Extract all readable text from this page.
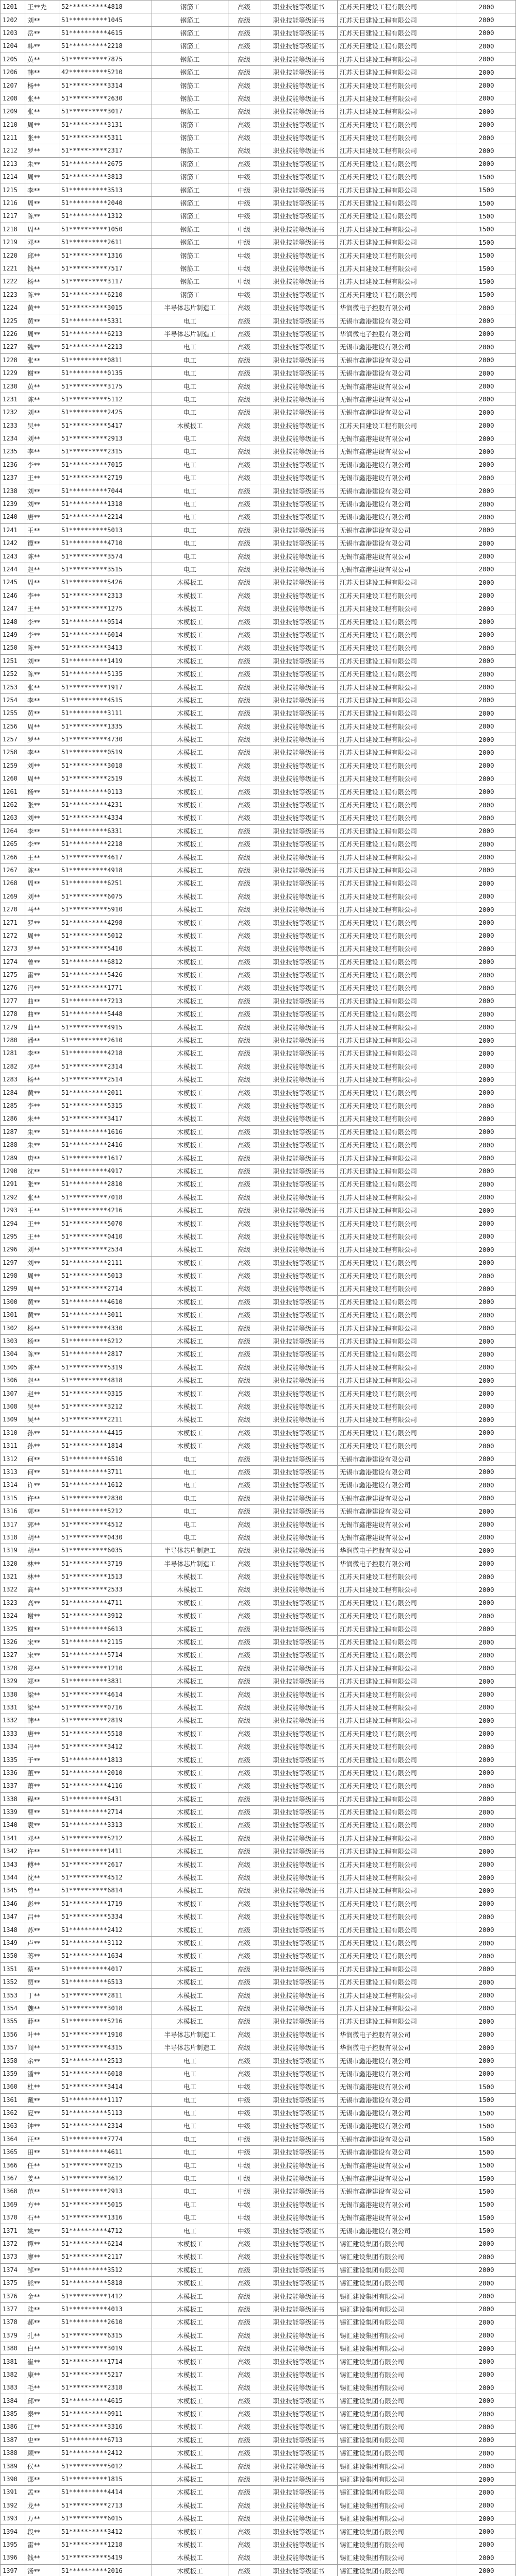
1201	王**先	52**********4818	钢筋工	高级	职业技能等级证书	江苏天目建设工程有限公司	2000
1202	刘**	51**********1045	钢筋工	高级	职业技能等级证书	江苏天目建设工程有限公司	2000
1203	岳**	51**********4615	钢筋工	高级	职业技能等级证书	江苏天目建设工程有限公司	2000
1204	韩**	51**********2218	钢筋工	高级	职业技能等级证书	江苏天目建设工程有限公司	2000
1205	黄**	51**********7875	钢筋工	高级	职业技能等级证书	江苏天目建设工程有限公司	2000
1206	韩**	42**********5210	钢筋工	高级	职业技能等级证书	江苏天目建设工程有限公司	2000
1207	杨**	51**********3314	钢筋工	高级	职业技能等级证书	江苏天目建设工程有限公司	2000
1208	张**	51**********2630	钢筋工	高级	职业技能等级证书	江苏天目建设工程有限公司	2000
1209	张**	51**********3017	钢筋工	高级	职业技能等级证书	江苏天目建设工程有限公司	2000
1210	周**	51**********3131	钢筋工	高级	职业技能等级证书	江苏天目建设工程有限公司	2000
1211	张**	51**********5311	钢筋工	高级	职业技能等级证书	江苏天目建设工程有限公司	2000
1212	罗**	51**********2317	钢筋工	高级	职业技能等级证书	江苏天目建设工程有限公司	2000
1213	朱**	51**********2675	钢筋工	高级	职业技能等级证书	江苏天目建设工程有限公司	2000
1214	周**	51**********3813	钢筋工	中级	职业技能等级证书	江苏天目建设工程有限公司	1500
1215	李**	51**********3513	钢筋工	中级	职业技能等级证书	江苏天目建设工程有限公司	1500
1216	周**	51**********2040	钢筋工	中级	职业技能等级证书	江苏天目建设工程有限公司	1500
1217	陈**	51**********1312	钢筋工	中级	职业技能等级证书	江苏天目建设工程有限公司	1500
1218	周**	51**********1050	钢筋工	中级	职业技能等级证书	江苏天目建设工程有限公司	1500
1219	邓**	51**********2611	钢筋工	中级	职业技能等级证书	江苏天目建设工程有限公司	1500
1220	邱**	51**********1316	钢筋工	中级	职业技能等级证书	江苏天目建设工程有限公司	1500
1221	钱**	51**********7517	钢筋工	中级	职业技能等级证书	江苏天目建设工程有限公司	1500
1222	杨**	51**********3117	钢筋工	中级	职业技能等级证书	江苏天目建设工程有限公司	1500
1223	陈**	51**********6210	钢筋工	中级	职业技能等级证书	江苏天目建设工程有限公司	1500
1224	黄**	51**********3015	半导体芯片制造工	高级	职业技能等级证书	华润微电子控股有限公司	2000
1225	黄**	51**********5331	电工	高级	职业技能等级证书	无锡市鑫港建设有限公司	2000
1226	周**	51**********6213	半导体芯片制造工	高级	职业技能等级证书	华润微电子控股有限公司	2000
1227	魏**	51**********2213	电工	高级	职业技能等级证书	无锡市鑫港建设有限公司	2000
1228	张**	51**********0811	电工	高级	职业技能等级证书	无锡市鑫港建设有限公司	2000
1229	谢**	51**********0135	电工	高级	职业技能等级证书	无锡市鑫港建设有限公司	2000
1230	黄**	51**********3175	电工	高级	职业技能等级证书	无锡市鑫港建设有限公司	2000
1231	陈**	51**********5112	电工	高级	职业技能等级证书	无锡市鑫港建设有限公司	2000
1232	刘**	51**********2425	电工	高级	职业技能等级证书	无锡市鑫港建设有限公司	2000
1233	吴**	51**********5417	木模板工	高级	职业技能等级证书	江苏天目建设工程有限公司	2000
1234	刘**	51**********2913	电工	高级	职业技能等级证书	无锡市鑫港建设有限公司	2000
1235	李**	51**********2315	电工	高级	职业技能等级证书	无锡市鑫港建设有限公司	2000
1236	李**	51**********7015	电工	高级	职业技能等级证书	无锡市鑫港建设有限公司	2000
1237	王**	51**********2719	电工	高级	职业技能等级证书	无锡市鑫港建设有限公司	2000
1238	刘**	51**********7044	电工	高级	职业技能等级证书	无锡市鑫港建设有限公司	2000
1239	刘**	51**********1318	电工	高级	职业技能等级证书	无锡市鑫港建设有限公司	2000
1240	唐**	51**********2214	电工	高级	职业技能等级证书	无锡市鑫港建设有限公司	2000
1241	王**	51**********5013	电工	高级	职业技能等级证书	无锡市鑫港建设有限公司	2000
1242	谭**	51**********4710	电工	高级	职业技能等级证书	无锡市鑫港建设有限公司	2000
1243	陈**	51**********3574	电工	高级	职业技能等级证书	无锡市鑫港建设有限公司	2000
1244	赵**	51**********3515	电工	高级	职业技能等级证书	无锡市鑫港建设有限公司	2000
1245	周**	51**********5426	木模板工	高级	职业技能等级证书	江苏天目建设工程有限公司	2000
1246	李**	51**********2313	木模板工	高级	职业技能等级证书	江苏天目建设工程有限公司	2000
1247	王**	51**********1275	木模板工	高级	职业技能等级证书	江苏天目建设工程有限公司	2000
1248	李**	51**********0514	木模板工	高级	职业技能等级证书	江苏天目建设工程有限公司	2000
1249	李**	51**********6014	木模板工	高级	职业技能等级证书	江苏天目建设工程有限公司	2000
1250	陈**	51**********3413	木模板工	高级	职业技能等级证书	江苏天目建设工程有限公司	2000
1251	刘**	51**********1419	木模板工	高级	职业技能等级证书	江苏天目建设工程有限公司	2000
1252	陈**	51**********5135	木模板工	高级	职业技能等级证书	江苏天目建设工程有限公司	2000
1253	张**	51**********1917	木模板工	高级	职业技能等级证书	江苏天目建设工程有限公司	2000
1254	李**	51**********4515	木模板工	高级	职业技能等级证书	江苏天目建设工程有限公司	2000
1255	黄**	51**********3111	木模板工	高级	职业技能等级证书	江苏天目建设工程有限公司	2000
1256	周**	51**********1335	木模板工	高级	职业技能等级证书	江苏天目建设工程有限公司	2000
1257	罗**	51**********4730	木模板工	高级	职业技能等级证书	江苏天目建设工程有限公司	2000
1258	李**	51**********0519	木模板工	高级	职业技能等级证书	江苏天目建设工程有限公司	2000
1259	刘**	51**********3018	木模板工	高级	职业技能等级证书	江苏天目建设工程有限公司	2000
1260	周**	51**********2519	木模板工	高级	职业技能等级证书	江苏天目建设工程有限公司	2000
1261	杨**	51**********0113	木模板工	高级	职业技能等级证书	江苏天目建设工程有限公司	2000
1262	张**	51**********4231	木模板工	高级	职业技能等级证书	江苏天目建设工程有限公司	2000
1263	刘**	51**********4334	木模板工	高级	职业技能等级证书	江苏天目建设工程有限公司	2000
1264	李**	51**********6331	木模板工	高级	职业技能等级证书	江苏天目建设工程有限公司	2000
1265	李**	51**********2218	木模板工	高级	职业技能等级证书	江苏天目建设工程有限公司	2000
1266	王**	51**********4617	木模板工	高级	职业技能等级证书	江苏天目建设工程有限公司	2000
1267	陈**	51**********4918	木模板工	高级	职业技能等级证书	江苏天目建设工程有限公司	2000
1268	周**	51**********6251	木模板工	高级	职业技能等级证书	江苏天目建设工程有限公司	2000
1269	刘**	51**********6075	木模板工	高级	职业技能等级证书	江苏天目建设工程有限公司	2000
1270	马**	51**********5910	木模板工	高级	职业技能等级证书	江苏天目建设工程有限公司	2000
1271	罗**	51**********4298	木模板工	高级	职业技能等级证书	江苏天目建设工程有限公司	2000
1272	周**	51**********5012	木模板工	高级	职业技能等级证书	江苏天目建设工程有限公司	2000
1273	罗**	51**********5410	木模板工	高级	职业技能等级证书	江苏天目建设工程有限公司	2000
1274	曾**	51**********6812	木模板工	高级	职业技能等级证书	江苏天目建设工程有限公司	2000
1275	雷**	51**********5426	木模板工	高级	职业技能等级证书	江苏天目建设工程有限公司	2000
1276	冯**	51**********1771	木模板工	高级	职业技能等级证书	江苏天目建设工程有限公司	2000
1277	曲**	51**********7213	木模板工	高级	职业技能等级证书	江苏天目建设工程有限公司	2000
1278	曲**	51**********5448	木模板工	高级	职业技能等级证书	江苏天目建设工程有限公司	2000
1279	曲**	51**********4915	木模板工	高级	职业技能等级证书	江苏天目建设工程有限公司	2000
1280	潘**	51**********2610	木模板工	高级	职业技能等级证书	江苏天目建设工程有限公司	2000
1281	李**	51**********4218	木模板工	高级	职业技能等级证书	江苏天目建设工程有限公司	2000
1282	邓**	51**********2314	木模板工	高级	职业技能等级证书	江苏天目建设工程有限公司	2000
1283	杨**	51**********2514	木模板工	高级	职业技能等级证书	江苏天目建设工程有限公司	2000
1284	黄**	51**********2011	木模板工	高级	职业技能等级证书	江苏天目建设工程有限公司	2000
1285	李**	51**********5315	木模板工	高级	职业技能等级证书	江苏天目建设工程有限公司	2000
1286	朱**	51**********3417	木模板工	高级	职业技能等级证书	江苏天目建设工程有限公司	2000
1287	朱**	51**********1616	木模板工	高级	职业技能等级证书	江苏天目建设工程有限公司	2000
1288	朱**	51**********2416	木模板工	高级	职业技能等级证书	江苏天目建设工程有限公司	2000
1289	唐**	51**********1617	木模板工	高级	职业技能等级证书	江苏天目建设工程有限公司	2000
1290	沈**	51**********4917	木模板工	高级	职业技能等级证书	江苏天目建设工程有限公司	2000
1291	张**	51**********2810	木模板工	高级	职业技能等级证书	江苏天目建设工程有限公司	2000
1292	张**	51**********7018	木模板工	高级	职业技能等级证书	江苏天目建设工程有限公司	2000
1293	王**	51**********4216	木模板工	高级	职业技能等级证书	江苏天目建设工程有限公司	2000
1294	王**	51**********5070	木模板工	高级	职业技能等级证书	江苏天目建设工程有限公司	2000
1295	王**	51**********0410	木模板工	高级	职业技能等级证书	江苏天目建设工程有限公司	2000
1296	刘**	51**********2534	木模板工	高级	职业技能等级证书	江苏天目建设工程有限公司	2000
1297	刘**	51**********2111	木模板工	高级	职业技能等级证书	江苏天目建设工程有限公司	2000
1298	周**	51**********5013	木模板工	高级	职业技能等级证书	江苏天目建设工程有限公司	2000
1299	周**	51**********2714	木模板工	高级	职业技能等级证书	江苏天目建设工程有限公司	2000
1300	黄**	51**********4610	木模板工	高级	职业技能等级证书	江苏天目建设工程有限公司	2000
1301	黄**	51**********3011	木模板工	高级	职业技能等级证书	江苏天目建设工程有限公司	2000
1302	杨**	51**********4330	木模板工	高级	职业技能等级证书	江苏天目建设工程有限公司	2000
1303	杨**	51**********6212	木模板工	高级	职业技能等级证书	江苏天目建设工程有限公司	2000
1304	陈**	51**********2817	木模板工	高级	职业技能等级证书	江苏天目建设工程有限公司	2000
1305	陈**	51**********5319	木模板工	高级	职业技能等级证书	江苏天目建设工程有限公司	2000
1306	赵**	51**********4818	木模板工	高级	职业技能等级证书	江苏天目建设工程有限公司	2000
1307	赵**	51**********0315	木模板工	高级	职业技能等级证书	江苏天目建设工程有限公司	2000
1308	吴**	51**********3212	木模板工	高级	职业技能等级证书	江苏天目建设工程有限公司	2000
1309	吴**	51**********2211	木模板工	高级	职业技能等级证书	江苏天目建设工程有限公司	2000
1310	孙**	51**********4415	木模板工	高级	职业技能等级证书	江苏天目建设工程有限公司	2000
1311	孙**	51**********1814	木模板工	高级	职业技能等级证书	江苏天目建设工程有限公司	2000
1312	何**	51**********6510	电工	高级	职业技能等级证书	无锡市鑫港建设有限公司	2000
1313	何**	51**********3711	电工	高级	职业技能等级证书	无锡市鑫港建设有限公司	2000
1314	许**	51**********1612	电工	高级	职业技能等级证书	无锡市鑫港建设有限公司	2000
1315	许**	51**********2830	电工	高级	职业技能等级证书	无锡市鑫港建设有限公司	2000
1316	郭**	51**********5212	电工	高级	职业技能等级证书	无锡市鑫港建设有限公司	2000
1317	郭**	51**********4512	电工	高级	职业技能等级证书	无锡市鑫港建设有限公司	2000
1318	胡**	51**********0430	电工	高级	职业技能等级证书	无锡市鑫港建设有限公司	2000
1319	胡**	51**********6035	半导体芯片制造工	高级	职业技能等级证书	华润微电子控股有限公司	2000
1320	林**	51**********3719	半导体芯片制造工	高级	职业技能等级证书	华润微电子控股有限公司	2000
1321	林**	51**********1513	木模板工	高级	职业技能等级证书	江苏天目建设工程有限公司	2000
1322	高**	51**********2533	木模板工	高级	职业技能等级证书	江苏天目建设工程有限公司	2000
1323	高**	51**********4711	木模板工	高级	职业技能等级证书	江苏天目建设工程有限公司	2000
1324	谢**	51**********3912	木模板工	高级	职业技能等级证书	江苏天目建设工程有限公司	2000
1325	谢**	51**********6613	木模板工	高级	职业技能等级证书	江苏天目建设工程有限公司	2000
1326	宋**	51**********2115	木模板工	高级	职业技能等级证书	江苏天目建设工程有限公司	2000
1327	宋**	51**********5714	木模板工	高级	职业技能等级证书	江苏天目建设工程有限公司	2000
1328	郑**	51**********1210	木模板工	高级	职业技能等级证书	江苏天目建设工程有限公司	2000
1329	郑**	51**********3831	木模板工	高级	职业技能等级证书	江苏天目建设工程有限公司	2000
1330	梁**	51**********4614	木模板工	高级	职业技能等级证书	江苏天目建设工程有限公司	2000
1331	梁**	51**********0716	木模板工	高级	职业技能等级证书	江苏天目建设工程有限公司	2000
1332	韩**	51**********2819	木模板工	高级	职业技能等级证书	江苏天目建设工程有限公司	2000
1333	唐**	51**********5518	木模板工	高级	职业技能等级证书	江苏天目建设工程有限公司	2000
1334	冯**	51**********3412	木模板工	高级	职业技能等级证书	江苏天目建设工程有限公司	2000
1335	于**	51**********1813	木模板工	高级	职业技能等级证书	江苏天目建设工程有限公司	2000
1336	董**	51**********2010	木模板工	高级	职业技能等级证书	江苏天目建设工程有限公司	2000
1337	萧**	51**********4116	木模板工	高级	职业技能等级证书	江苏天目建设工程有限公司	2000
1338	程**	51**********6431	木模板工	高级	职业技能等级证书	江苏天目建设工程有限公司	2000
1339	曹**	51**********2714	木模板工	高级	职业技能等级证书	江苏天目建设工程有限公司	2000
1340	袁**	51**********3313	木模板工	高级	职业技能等级证书	江苏天目建设工程有限公司	2000
1341	邓**	51**********5212	木模板工	高级	职业技能等级证书	江苏天目建设工程有限公司	2000
1342	许**	51**********1411	木模板工	高级	职业技能等级证书	江苏天目建设工程有限公司	2000
1343	傅**	51**********2617	木模板工	高级	职业技能等级证书	江苏天目建设工程有限公司	2000
1344	沈**	51**********4512	木模板工	高级	职业技能等级证书	江苏天目建设工程有限公司	2000
1345	曾**	51**********6814	木模板工	高级	职业技能等级证书	江苏天目建设工程有限公司	2000
1346	彭**	51**********1719	木模板工	高级	职业技能等级证书	江苏天目建设工程有限公司	2000
1347	吕**	51**********5334	木模板工	高级	职业技能等级证书	江苏天目建设工程有限公司	2000
1348	苏**	51**********2412	木模板工	高级	职业技能等级证书	江苏天目建设工程有限公司	2000
1349	卢**	51**********3112	木模板工	高级	职业技能等级证书	江苏天目建设工程有限公司	2000
1350	蒋**	51**********1634	木模板工	高级	职业技能等级证书	江苏天目建设工程有限公司	2000
1351	蔡**	51**********4017	木模板工	高级	职业技能等级证书	江苏天目建设工程有限公司	2000
1352	贾**	51**********6513	木模板工	高级	职业技能等级证书	江苏天目建设工程有限公司	2000
1353	丁**	51**********2811	木模板工	高级	职业技能等级证书	江苏天目建设工程有限公司	2000
1354	魏**	51**********3018	木模板工	高级	职业技能等级证书	江苏天目建设工程有限公司	2000
1355	薛**	51**********5216	木模板工	高级	职业技能等级证书	江苏天目建设工程有限公司	2000
1356	叶**	51**********1910	半导体芯片制造工	高级	职业技能等级证书	华润微电子控股有限公司	2000
1357	阎**	51**********4315	半导体芯片制造工	高级	职业技能等级证书	华润微电子控股有限公司	2000
1358	余**	51**********2513	电工	高级	职业技能等级证书	无锡市鑫港建设有限公司	2000
1359	潘**	51**********6018	电工	高级	职业技能等级证书	无锡市鑫港建设有限公司	2000
1360	杜**	51**********3414	电工	中级	职业技能等级证书	无锡市鑫港建设有限公司	1500
1361	戴**	51**********1117	电工	中级	职业技能等级证书	无锡市鑫港建设有限公司	1500
1362	夏**	51**********5113	电工	中级	职业技能等级证书	无锡市鑫港建设有限公司	1500
1363	钟**	51**********2314	电工	中级	职业技能等级证书	无锡市鑫港建设有限公司	1500
1364	汪**	51**********7774	电工	中级	职业技能等级证书	无锡市鑫港建设有限公司	1500
1365	田**	51**********4611	电工	中级	职业技能等级证书	无锡市鑫港建设有限公司	1500
1366	任**	51**********0215	电工	中级	职业技能等级证书	无锡市鑫港建设有限公司	1500
1367	姜**	51**********3612	电工	中级	职业技能等级证书	无锡市鑫港建设有限公司	1500
1368	范**	51**********2913	电工	中级	职业技能等级证书	无锡市鑫港建设有限公司	1500
1369	方**	51**********5015	电工	中级	职业技能等级证书	无锡市鑫港建设有限公司	1500
1370	石**	51**********1316	电工	中级	职业技能等级证书	无锡市鑫港建设有限公司	1500
1371	姚**	51**********4712	电工	中级	职业技能等级证书	无锡市鑫港建设有限公司	1500
1372	谭**	51**********6214	木模板工	高级	职业技能等级证书	锡汇建设集团有限公司	2000
1373	廖**	51**********2117	木模板工	高级	职业技能等级证书	锡汇建设集团有限公司	2000
1374	邹**	51**********3512	木模板工	高级	职业技能等级证书	锡汇建设集团有限公司	2000
1375	熊**	51**********5818	木模板工	高级	职业技能等级证书	锡汇建设集团有限公司	2000
1376	金**	51**********1412	木模板工	高级	职业技能等级证书	锡汇建设集团有限公司	2000
1377	陆**	51**********4013	木模板工	高级	职业技能等级证书	锡汇建设集团有限公司	2000
1378	郝**	51**********2610	木模板工	高级	职业技能等级证书	锡汇建设集团有限公司	2000
1379	孔**	51**********6315	木模板工	高级	职业技能等级证书	锡汇建设集团有限公司	2000
1380	白**	51**********3019	木模板工	高级	职业技能等级证书	锡汇建设集团有限公司	2000
1381	崔**	51**********1714	木模板工	高级	职业技能等级证书	锡汇建设集团有限公司	2000
1382	康**	51**********5217	木模板工	高级	职业技能等级证书	锡汇建设集团有限公司	2000
1383	毛**	51**********2318	木模板工	高级	职业技能等级证书	锡汇建设集团有限公司	2000
1384	邱**	51**********4615	木模板工	高级	职业技能等级证书	锡汇建设集团有限公司	2000
1385	秦**	51**********0911	木模板工	高级	职业技能等级证书	锡汇建设集团有限公司	2000
1386	江**	51**********3316	木模板工	高级	职业技能等级证书	锡汇建设集团有限公司	2000
1387	史**	51**********6713	木模板工	高级	职业技能等级证书	锡汇建设集团有限公司	2000
1388	顾**	51**********2412	木模板工	高级	职业技能等级证书	锡汇建设集团有限公司	2000
1389	侯**	51**********5012	木模板工	高级	职业技能等级证书	锡汇建设集团有限公司	2000
1390	邵**	51**********1815	木模板工	高级	职业技能等级证书	锡汇建设集团有限公司	2000
1391	孟**	51**********4414	木模板工	高级	职业技能等级证书	锡汇建设集团有限公司	2000
1392	龙**	51**********2713	木模板工	高级	职业技能等级证书	锡汇建设集团有限公司	2000
1393	万**	51**********6015	木模板工	高级	职业技能等级证书	锡汇建设集团有限公司	2000
1394	段**	51**********3412	木模板工	高级	职业技能等级证书	锡汇建设集团有限公司	2000
1395	雷**	51**********1218	木模板工	高级	职业技能等级证书	锡汇建设集团有限公司	2000
1396	钱**	51**********5419	木模板工	高级	职业技能等级证书	锡汇建设集团有限公司	2000
1397	汤**	51**********2016	木模板工	高级	职业技能等级证书	锡汇建设集团有限公司	2000
